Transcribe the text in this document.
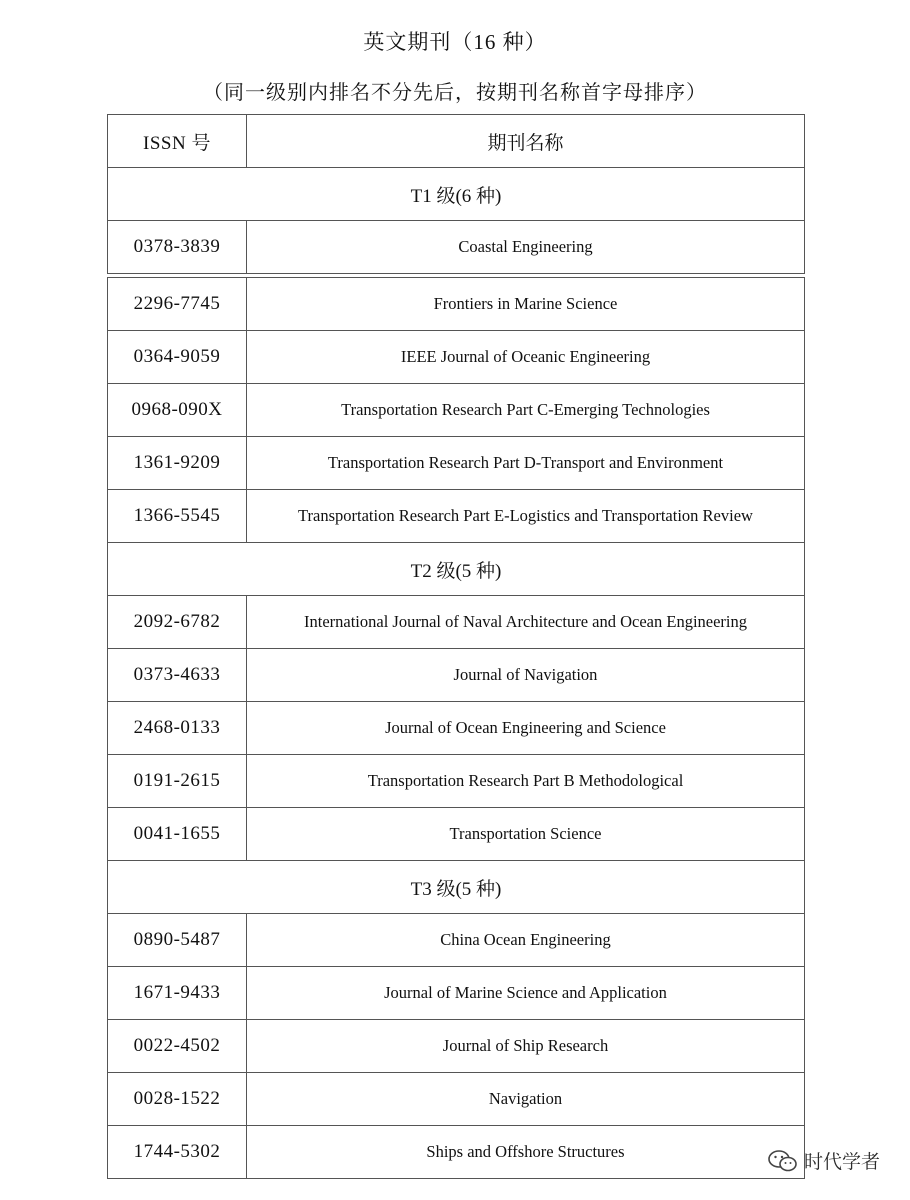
英文期刊（16 种）
（同一级别内排名不分先后，按期刊名称首字母排序）
ISSN 号	期刊名称
T1 级(6 种)	
0378-3839	Coastal Engineering
2296-7745	Frontiers in Marine Science
0364-9059	IEEE Journal of Oceanic Engineering
0968-090X	Transportation Research Part C-Emerging Technologies
1361-9209	Transportation Research Part D-Transport and Environment
1366-5545	Transportation Research Part E-Logistics and Transportation Review
T2 级(5 种)	
2092-6782	International Journal of Naval Architecture and Ocean Engineering
0373-4633	Journal of Navigation
2468-0133	Journal of Ocean Engineering and Science
0191-2615	Transportation Research Part B Methodological
0041-1655	Transportation Science
T3 级(5 种)	
0890-5487	China Ocean Engineering
1671-9433	Journal of Marine Science and Application
0022-4502	Journal of Ship Research
0028-1522	Navigation
1744-5302	Ships and Offshore Structures	时代学者
